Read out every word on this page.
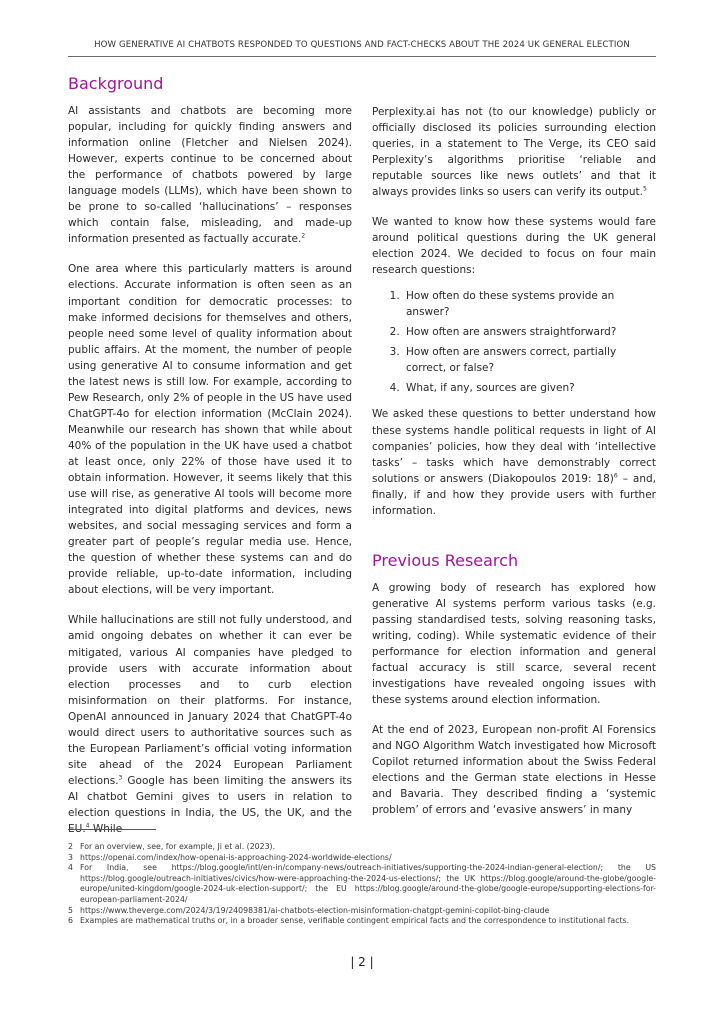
HOW GENERATIVE AI CHATBOTS RESPONDED TO QUESTIONS AND FACT-CHECKS ABOUT THE 2024 UK GENERAL ELECTION
Background

AI assistants and chatbots are becoming more popular, including for quickly finding answers and information online (Fletcher and Nielsen 2024). However, experts continue to be concerned about the performance of chatbots powered by large language models (LLMs), which have been shown to be prone to so-called ‘hallucinations’ – responses which contain false, misleading, and made-up information presented as factually accurate.$^2$

One area where this particularly matters is around elections. Accurate information is often seen as an important condition for democratic processes: to make informed decisions for themselves and others, people need some level of quality information about public affairs. At the moment, the number of people using generative AI to consume information and get the latest news is still low. For example, according to Pew Research, only 2% of people in the US have used ChatGPT-4o for election information (McClain 2024). Meanwhile our research has shown that while about 40% of the population in the UK have used a chatbot at least once, only 22% of those have used it to obtain information. However, it seems likely that this use will rise, as generative AI tools will become more integrated into digital platforms and devices, news websites, and social messaging services and form a greater part of people’s regular media use. Hence, the question of whether these systems can and do provide reliable, up-to-date information, including about elections, will be very important.

While hallucinations are still not fully understood, and amid ongoing debates on whether it can ever be mitigated, various AI companies have pledged to provide users with accurate information about election processes and to curb election misinformation on their platforms. For instance, OpenAI announced in January 2024 that ChatGPT-4o would direct users to authoritative sources such as the European Parliament’s official voting information site ahead of the 2024 European Parliament elections.$^3$ Google has been limiting the answers its AI chatbot Gemini gives to users in relation to election questions in India, the US, the UK, and the EU.$^4$ While

Perplexity.ai has not (to our knowledge) publicly or officially disclosed its policies surrounding election queries, in a statement to The Verge, its CEO said Perplexity’s algorithms prioritise ‘reliable and reputable sources like news outlets’ and that it always provides links so users can verify its output.$^5$

We wanted to know how these systems would fare around political questions during the UK general election 2024. We decided to focus on four main research questions:

1. How often do these systems provide an answer?
2. How often are answers straightforward?
3. How often are answers correct, partially correct, or false?
4. What, if any, sources are given?

We asked these questions to better understand how these systems handle political requests in light of AI companies’ policies, how they deal with ‘intellective tasks’ – tasks which have demonstrably correct solutions or answers (Diakopoulos 2019: 18)$^6$ – and, finally, if and how they provide users with further information.

Previous Research

A growing body of research has explored how generative AI systems perform various tasks (e.g. passing standardised tests, solving reasoning tasks, writing, coding). While systematic evidence of their performance for election information and general factual accuracy is still scarce, several recent investigations have revealed ongoing issues with these systems around election information.

At the end of 2023, European non-profit AI Forensics and NGO Algorithm Watch investigated how Microsoft Copilot returned information about the Swiss Federal elections and the German state elections in Hesse and Bavaria. They described finding a ‘systemic problem’ of errors and ‘evasive answers’ in many

2 For an overview, see, for example, Ji et al. (2023).
3 https://openai.com/index/how-openai-is-approaching-2024-worldwide-elections/
4 For India, see https://blog.google/intl/en-in/company-news/outreach-initiatives/supporting-the-2024-indian-general-election/; the US https://blog.google/outreach-initiatives/civics/how-were-approaching-the-2024-us-elections/; the UK https://blog.google/around-the-globe/google-europe/united-kingdom/google-2024-uk-election-support/; the EU https://blog.google/around-the-globe/google-europe/supporting-elections-for-european-parliament-2024/
5 https://www.theverge.com/2024/3/19/24098381/ai-chatbots-election-misinformation-chatgpt-gemini-copilot-bing-claude
6 Examples are mathematical truths or, in a broader sense, verifiable contingent empirical facts and the correspondence to institutional facts.
| 2 |
